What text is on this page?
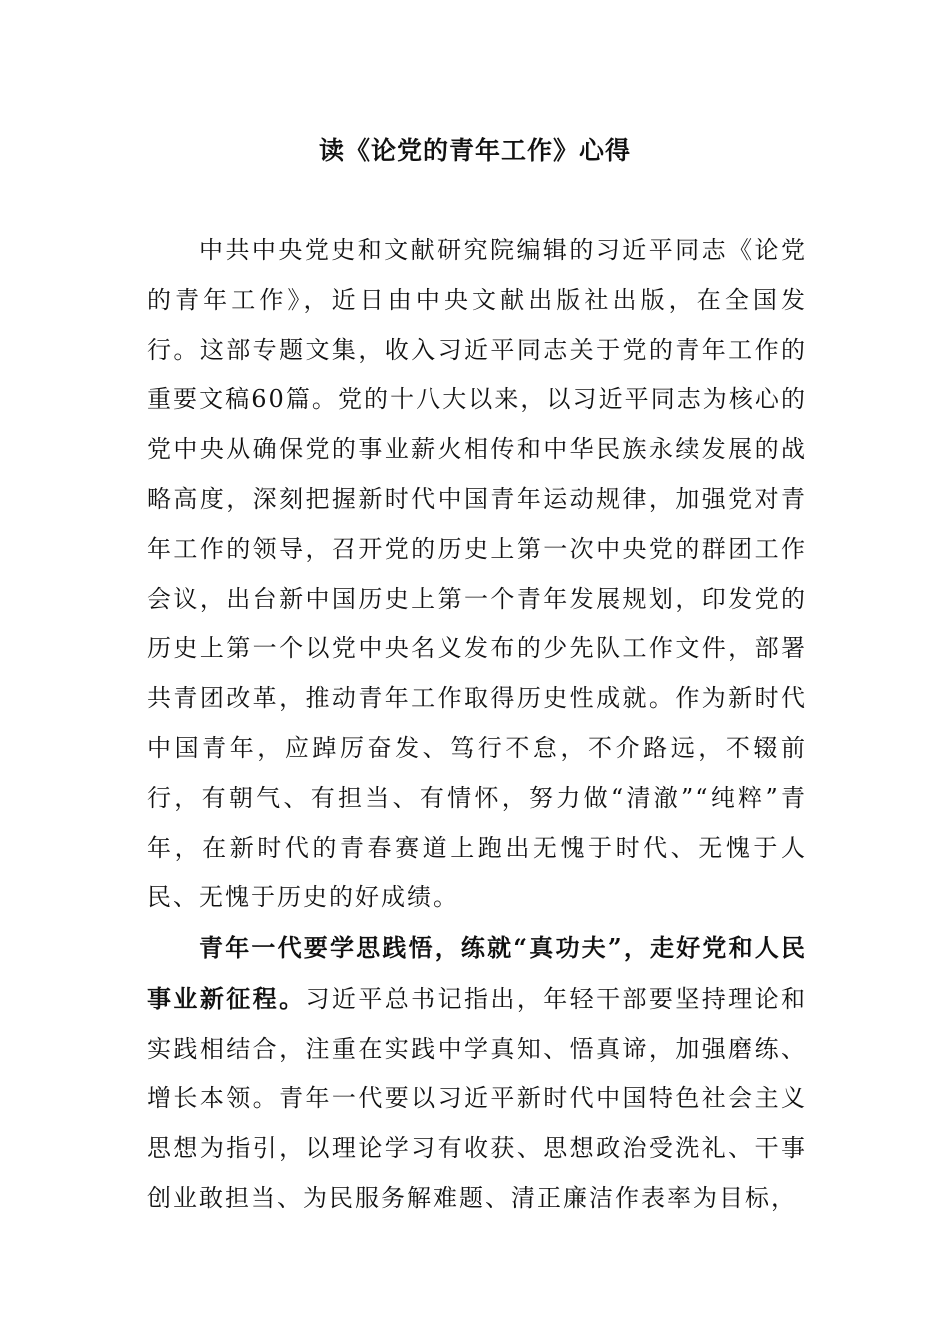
读《论党的青年工作》心得

中共中央党史和文献研究院编辑的习近平同志《论党的青年工作》，近日由中央文献出版社出版，在全国发行。这部专题文集，收入习近平同志关于党的青年工作的重要文稿60篇。党的十八大以来，以习近平同志为核心的党中央从确保党的事业薪火相传和中华民族永续发展的战略高度，深刻把握新时代中国青年运动规律，加强党对青年工作的领导，召开党的历史上第一次中央党的群团工作会议，出台新中国历史上第一个青年发展规划，印发党的历史上第一个以党中央名义发布的少先队工作文件，部署共青团改革，推动青年工作取得历史性成就。作为新时代中国青年，应踔厉奋发、笃行不怠，不介路远，不辍前行，有朝气、有担当、有情怀，努力做“清澈”“纯粹”青年，在新时代的青春赛道上跑出无愧于时代、无愧于人民、无愧于历史的好成绩。

青年一代要学思践悟，练就“真功夫”，走好党和人民事业新征程。习近平总书记指出，年轻干部要坚持理论和实践相结合，注重在实践中学真知、悟真谛，加强磨练、增长本领。青年一代要以习近平新时代中国特色社会主义思想为指引，以理论学习有收获、思想政治受洗礼、干事创业敢担当、为民服务解难题、清正廉洁作表率为目标，
